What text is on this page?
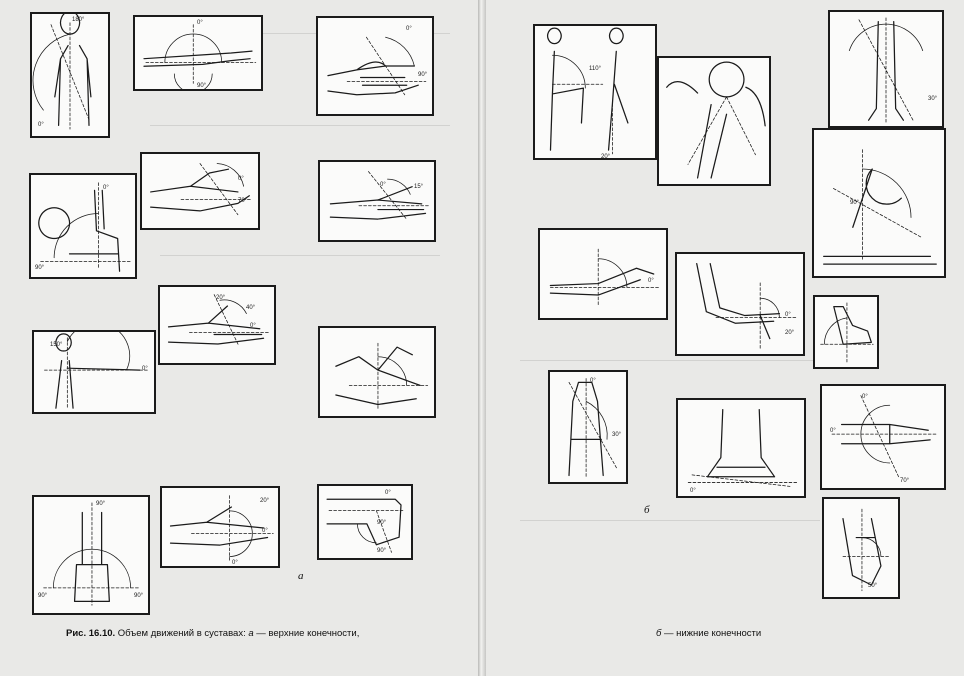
180°
0°
0°
90°
0°
90°
0°
70°
15°
0°
0°
90°
20°
40°
0°
150°
0°
90°
90°	90°
20°
0°
0°
0°
90°
90°
а
Рис. 16.10. Объем движений в суставах: а — верхние конечности,
110°
20°
30°
90°
0°
0°
20°
0°
30°
0°
0°
0°
70°
50°
б
б — нижние конечности
